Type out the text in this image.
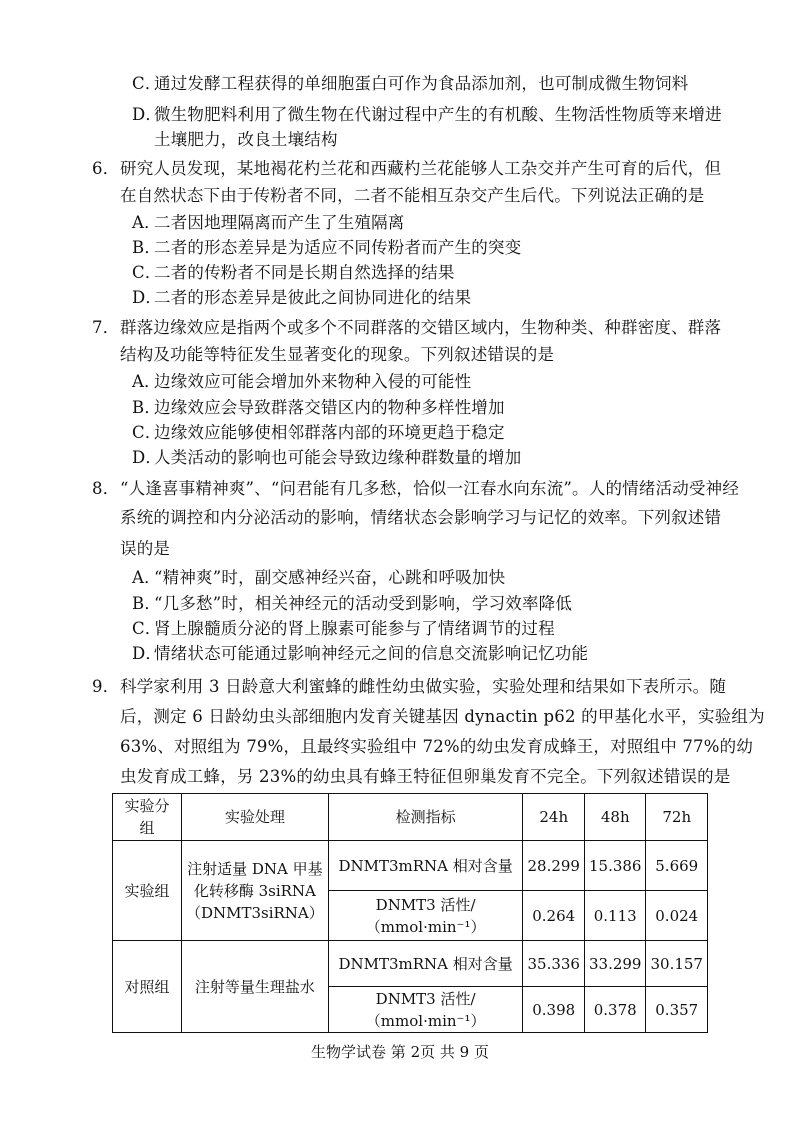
C．通过发酵工程获得的单细胞蛋白可作为食品添加剂，也可制成微生物饲料
D．微生物肥料利用了微生物在代谢过程中产生的有机酸、生物活性物质等来增进
土壤肥力，改良土壤结构
6．研究人员发现，某地褐花杓兰花和西藏杓兰花能够人工杂交并产生可育的后代，但
在自然状态下由于传粉者不同，二者不能相互杂交产生后代。下列说法正确的是
A．二者因地理隔离而产生了生殖隔离
B．二者的形态差异是为适应不同传粉者而产生的突变
C．二者的传粉者不同是长期自然选择的结果
D．二者的形态差异是彼此之间协同进化的结果
7．群落边缘效应是指两个或多个不同群落的交错区域内，生物种类、种群密度、群落
结构及功能等特征发生显著变化的现象。下列叙述错误的是
A．边缘效应可能会增加外来物种入侵的可能性
B．边缘效应会导致群落交错区内的物种多样性增加
C．边缘效应能够使相邻群落内部的环境更趋于稳定
D．人类活动的影响也可能会导致边缘种群数量的增加
8．“人逢喜事精神爽”、“问君能有几多愁，恰似一江春水向东流”。人的情绪活动受神经
系统的调控和内分泌活动的影响，情绪状态会影响学习与记忆的效率。下列叙述错
误的是
A．“精神爽”时，副交感神经兴奋，心跳和呼吸加快
B．“几多愁”时，相关神经元的活动受到影响，学习效率降低
C．肾上腺髓质分泌的肾上腺素可能参与了情绪调节的过程
D．情绪状态可能通过影响神经元之间的信息交流影响记忆功能
9．科学家利用 3 日龄意大利蜜蜂的雌性幼虫做实验，实验处理和结果如下表所示。随
后，测定 6 日龄幼虫头部细胞内发育关键基因 dynactin p62 的甲基化水平，实验组为
63%、对照组为 79%，且最终实验组中 72%的幼虫发育成蜂王，对照组中 77%的幼
虫发育成工蜂，另 23%的幼虫具有蜂王特征但卵巢发育不完全。下列叙述错误的是
实验分组	实验处理	检测指标	24h	48h	72h
实验组	注射适量 DNA 甲基
化转移酶 3siRNA
（DNMT3siRNA）	DNMT3mRNA 相对含量	28.299	15.386	5.669
		DNMT3 活性/（mmol·min⁻¹）	0.264	0.113	0.024
对照组	注射等量生理盐水	DNMT3mRNA 相对含量	35.336	33.299	30.157
		DNMT3 活性/（mmol·min⁻¹）	0.398	0.378	0.357
生物学试卷 第 2页 共 9 页
